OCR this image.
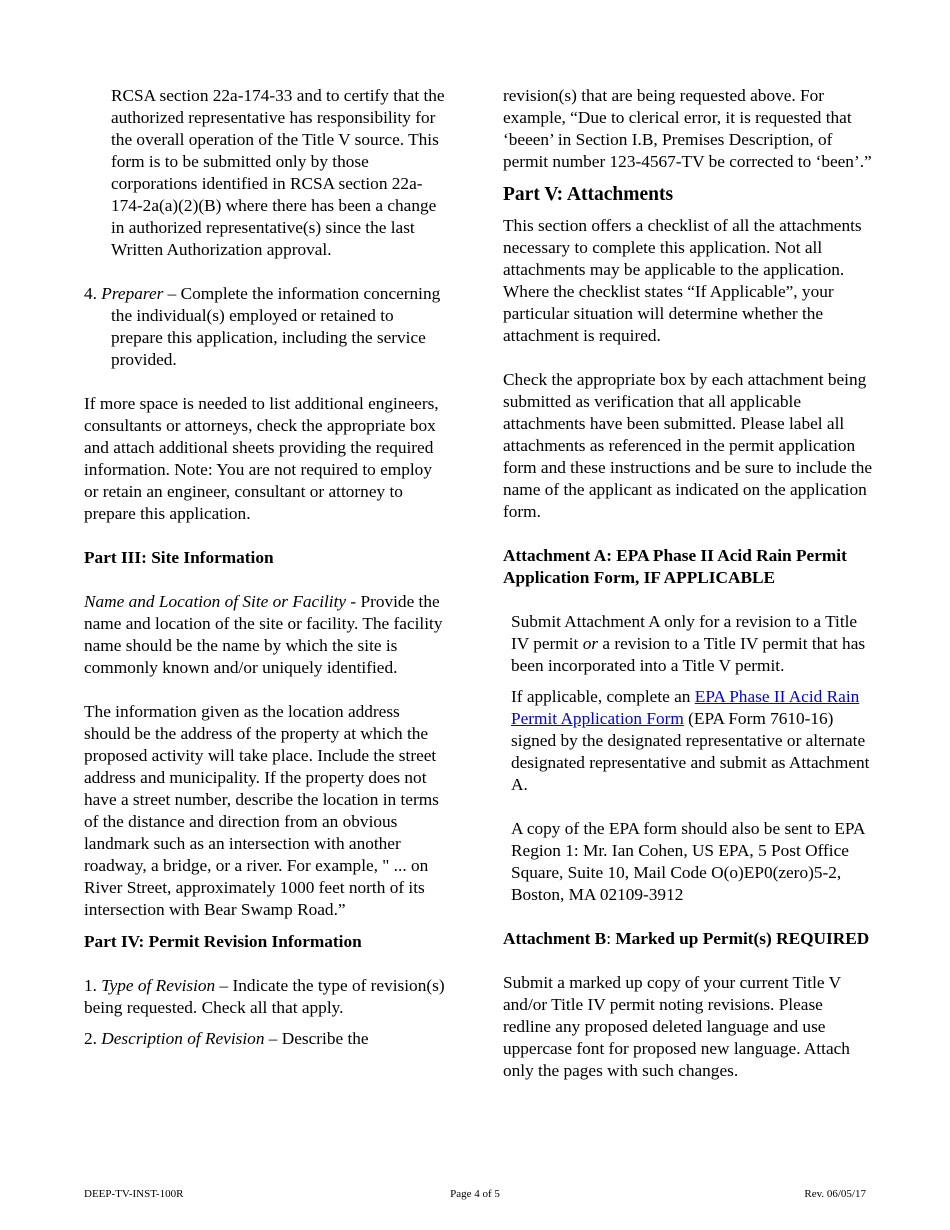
RCSA section 22a-174-33 and to certify that the authorized representative has responsibility for the overall operation of the Title V source. This form is to be submitted only by those corporations identified in RCSA section 22a-174-2a(a)(2)(B) where there has been a change in authorized representative(s) since the last Written Authorization approval.

4. Preparer – Complete the information concerning the individual(s) employed or retained to prepare this application, including the service provided.

If more space is needed to list additional engineers, consultants or attorneys, check the appropriate box and attach additional sheets providing the required information. Note: You are not required to employ or retain an engineer, consultant or attorney to prepare this application.

Part III: Site Information

Name and Location of Site or Facility - Provide the name and location of the site or facility. The facility name should be the name by which the site is commonly known and/or uniquely identified.

The information given as the location address should be the address of the property at which the proposed activity will take place. Include the street address and municipality. If the property does not have a street number, describe the location in terms of the distance and direction from an obvious landmark such as an intersection with another roadway, a bridge, or a river. For example, " ... on River Street, approximately 1000 feet north of its intersection with Bear Swamp Road.”

Part IV: Permit Revision Information

1. Type of Revision – Indicate the type of revision(s) being requested. Check all that apply.

2. Description of Revision – Describe the

revision(s) that are being requested above. For example, “Due to clerical error, it is requested that ‘beeen’ in Section I.B, Premises Description, of permit number 123-4567-TV be corrected to ‘been’.”

Part V: Attachments

This section offers a checklist of all the attachments necessary to complete this application. Not all attachments may be applicable to the application. Where the checklist states “If Applicable”, your particular situation will determine whether the attachment is required.

Check the appropriate box by each attachment being submitted as verification that all applicable attachments have been submitted. Please label all attachments as referenced in the permit application form and these instructions and be sure to include the name of the applicant as indicated on the application form.

Attachment A: EPA Phase II Acid Rain Permit Application Form, IF APPLICABLE

Submit Attachment A only for a revision to a Title IV permit or a revision to a Title IV permit that has been incorporated into a Title V permit.

If applicable, complete an EPA Phase II Acid Rain Permit Application Form (EPA Form 7610-16) signed by the designated representative or alternate designated representative and submit as Attachment A.

A copy of the EPA form should also be sent to EPA Region 1: Mr. Ian Cohen, US EPA, 5 Post Office Square, Suite 10, Mail Code O(o)EP0(zero)5-2, Boston, MA 02109-3912

Attachment B: Marked up Permit(s) REQUIRED

Submit a marked up copy of your current Title V and/or Title IV permit noting revisions. Please redline any proposed deleted language and use uppercase font for proposed new language. Attach only the pages with such changes.

DEEP-TV-INST-100R	Page 4 of 5	Rev. 06/05/17
